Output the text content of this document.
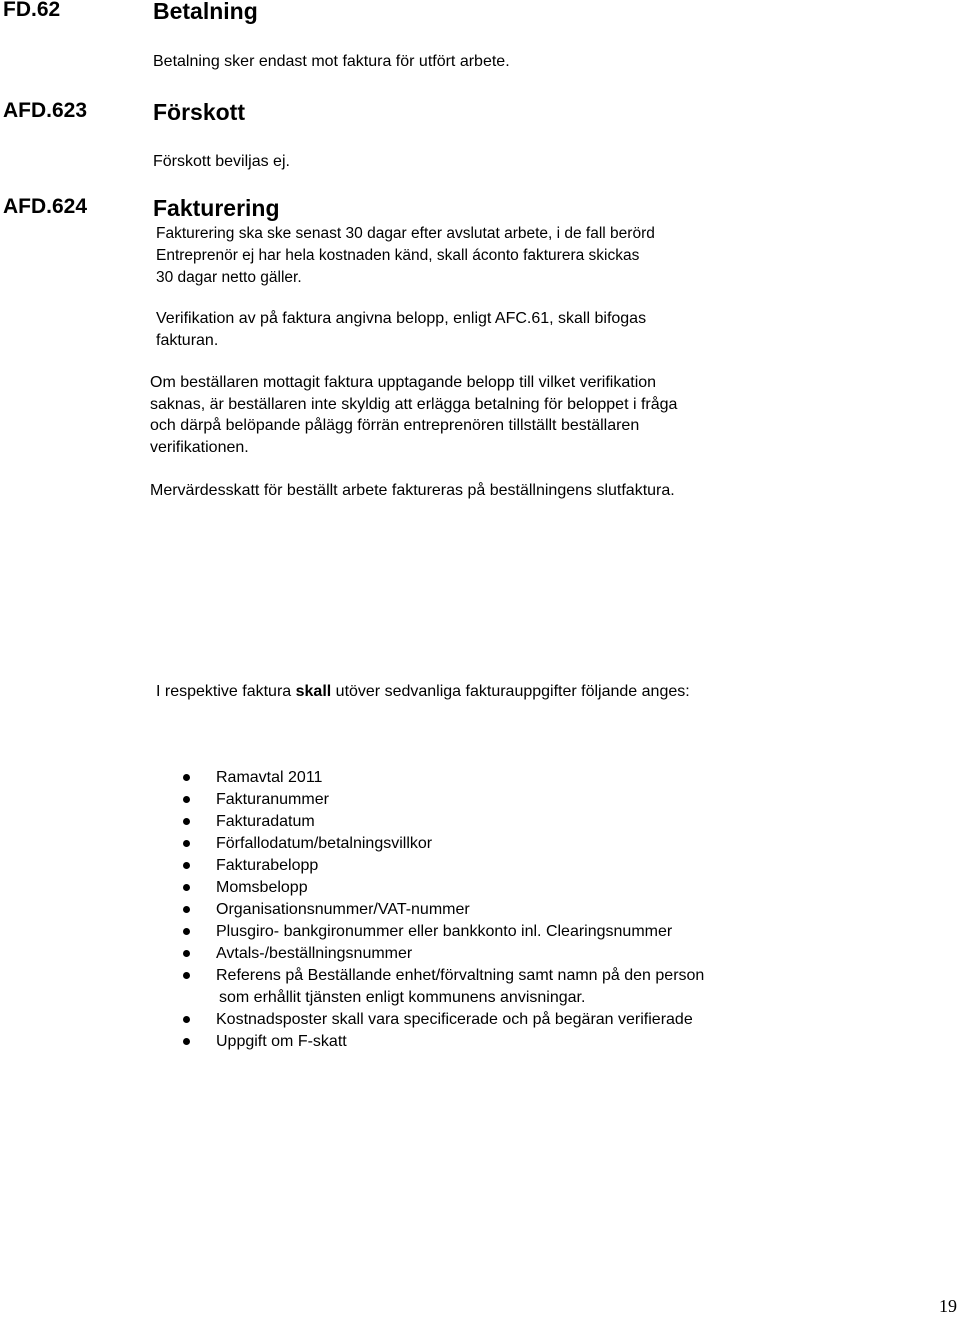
FD.62	Betalning
Betalning sker endast mot faktura för utfört arbete.
AFD.623	Förskott
Förskott beviljas ej.
AFD.624	Fakturering
Fakturering ska ske senast 30 dagar efter avslutat arbete, i de fall berörd
Entreprenör ej har hela kostnaden känd, skall áconto fakturera skickas
30 dagar netto gäller.
Verifikation av på faktura angivna belopp, enligt AFC.61, skall bifogas
fakturan.
Om beställaren mottagit faktura upptagande belopp till vilket verifikation
saknas, är beställaren inte skyldig att erlägga betalning för beloppet i fråga
och därpå belöpande pålägg förrän entreprenören tillställt beställaren
verifikationen.
Mervärdesskatt för beställt arbete faktureras på beställningens slutfaktura.
I respektive faktura skall utöver sedvanliga fakturauppgifter följande anges:
Ramavtal 2011
Fakturanummer
Fakturadatum
Förfallodatum/betalningsvillkor
Fakturabelopp
Momsbelopp
Organisationsnummer/VAT-nummer
Plusgiro- bankgironummer eller bankkonto inl. Clearingsnummer
Avtals-/beställningsnummer
Referens på Beställande enhet/förvaltning samt namn på den person
som erhållit tjänsten enligt kommunens anvisningar.
Kostnadsposter skall vara specificerade och på begäran verifierade
Uppgift om F-skatt
19
